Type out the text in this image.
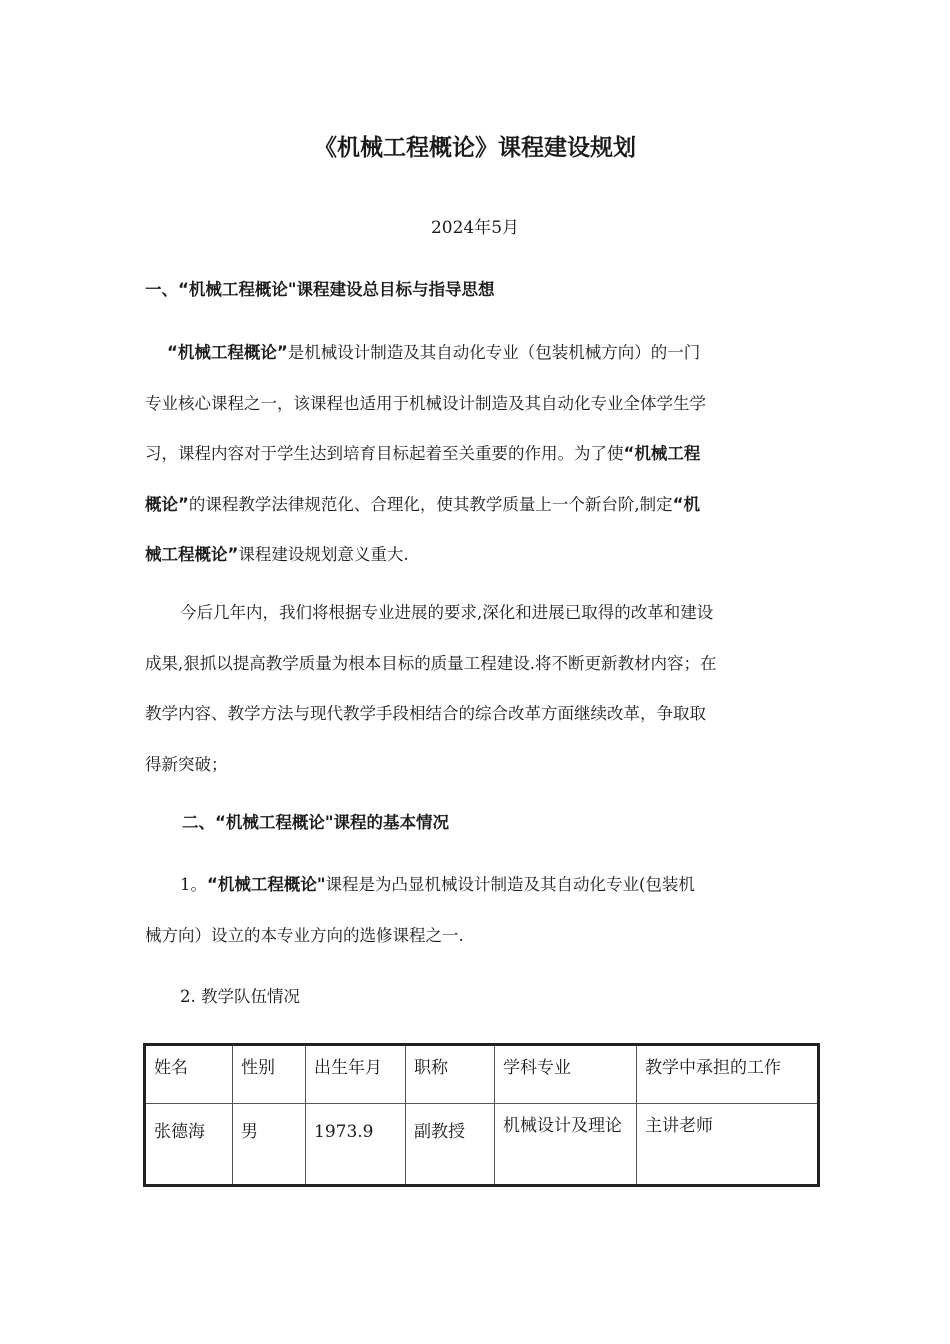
《机械工程概论》课程建设规划
2024年5月
一、“机械工程概论"课程建设总目标与指导思想
“机械工程概论”是机械设计制造及其自动化专业（包装机械方向）的一门
专业核心课程之一，该课程也适用于机械设计制造及其自动化专业全体学生学
习，课程内容对于学生达到培育目标起着至关重要的作用。为了使“机械工程
概论”的课程教学法律规范化、合理化，使其教学质量上一个新台阶,制定“机
械工程概论”课程建设规划意义重大.
今后几年内，我们将根据专业进展的要求,深化和进展已取得的改革和建设
成果,狠抓以提高教学质量为根本目标的质量工程建设.将不断更新教材内容；在
教学内容、教学方法与现代教学手段相结合的综合改革方面继续改革，争取取
得新突破；
二、“机械工程概论"课程的基本情况
1。“机械工程概论"课程是为凸显机械设计制造及其自动化专业(包装机
械方向）设立的本专业方向的选修课程之一.
2. 教学队伍情况
姓名	性别	出生年月	职称	学科专业	教学中承担的工作
张德海	男	1973.9	副教授	机械设计及理论	主讲老师
